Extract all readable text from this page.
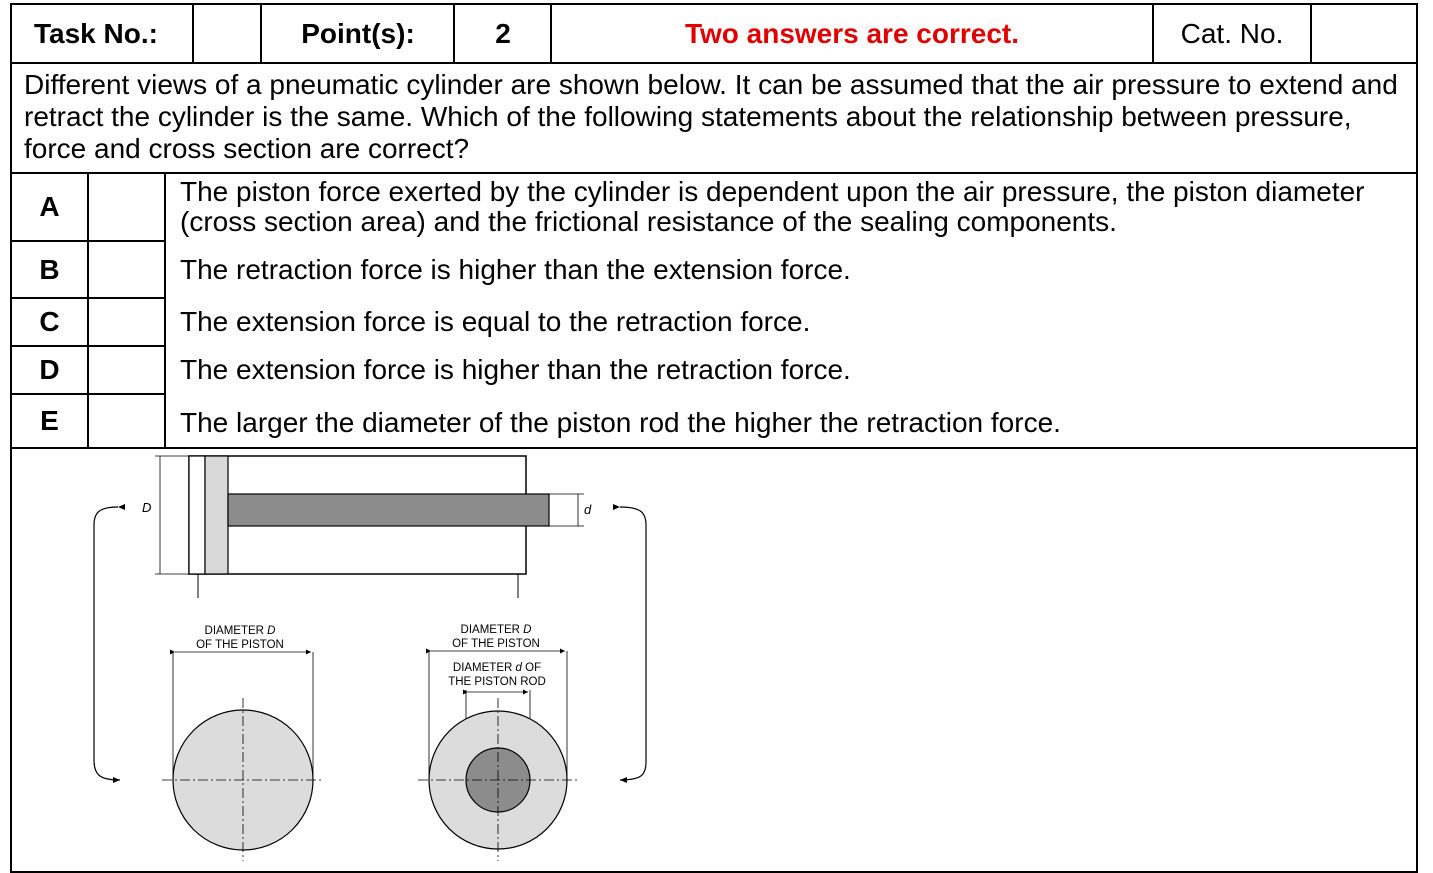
Task No.:	Point(s):	2	Two answers are correct.	Cat. No.
Different views of a pneumatic cylinder are shown below. It can be assumed that the air pressure to extend and retract the cylinder is the same. Which of the following statements about the relationship between pressure, force and cross section are correct?
A	The piston force exerted by the cylinder is dependent upon the air pressure, the piston diameter (cross section area) and the frictional resistance of the sealing components.
B	The retraction force is higher than the extension force.
C	The extension force is equal to the retraction force.
D	The extension force is higher than the retraction force.
E	The larger the diameter of the piston rod the higher the retraction force.
D	d
DIAMETER D
OF THE PISTON
DIAMETER D
OF THE PISTON
DIAMETER d OF
THE PISTON ROD
